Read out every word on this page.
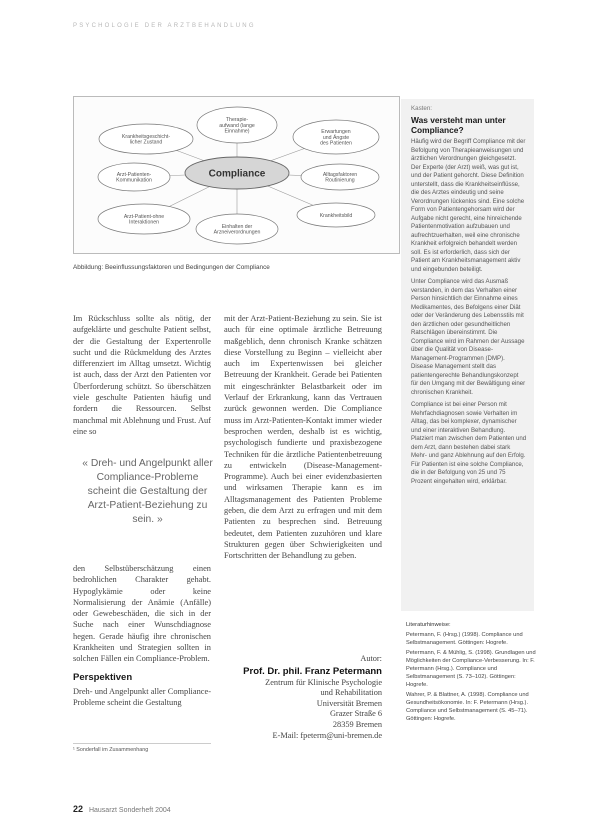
PSYCHOLOGIE DER ARZTBEHANDLUNG
Therapie-aufwand (lange Einnahme)
Krankheitsgeschicht-licher Zustand
Erwartungen und Ängste des Patienten
Arzt-Patienten-Kommunikation
Alltagsfaktoren Routinierung
Arzt-Patient-ohne Interaktionen
Krankheitsbild
Einhalten der Arzneiverordnungen
Compliance
Abbildung: Beeinflussungsfaktoren und Bedingungen der Compliance
Im Rückschluss sollte als nötig, der aufgeklärte und geschulte Patient selbst, der die Gestaltung der Expertenrolle sucht und die Rückmeldung des Arztes differenziert im Alltag umsetzt. Wichtig ist auch, dass der Arzt den Patienten vor Überforderung schützt. So überschätzen viele geschulte Patienten häufig und fordern die Ressourcen. Selbst manchmal mit Ablehnung und Frust. Auf eine so
« Dreh- und Angelpunkt aller Compliance-Probleme scheint die Gestaltung der Arzt-Patient-Beziehung zu sein. »
den Selbstüberschätzung einen bedrohlichen Charakter gehabt. Hypoglykämie oder keine Normalisierung der Anämie (Anfälle) oder Gewebeschäden, die sich in der Suche nach einer Wunschdiagnose hegen. Gerade häufig ihre chronischen Krankheiten und Strategien sollten in solchen Fällen ein Compliance-Problem.
Perspektiven
Dreh- und Angelpunkt aller Compliance-Probleme scheint die Gestaltung
¹ Sonderfall im Zusammenhang
mit der Arzt-Patient-Beziehung zu sein. Sie ist auch für eine optimale ärztliche Betreuung maßgeblich, denn chronisch Kranke schätzen diese Vorstellung zu Beginn – vielleicht aber auch im Expertenwissen bei gleicher Betreuung der Krankheit. Gerade bei Patienten mit eingeschränkter Belastbarkeit oder im Verlauf der Erkrankung, kann das Vertrauen zurück gewonnen werden. Die Compliance muss im Arzt-Patienten-Kontakt immer wieder besprochen werden, deshalb ist es wichtig, psychologisch fundierte und praxisbezogene Techniken für die ärztliche Patientenbetreuung zu entwickeln (Disease-Management-Programme). Auch bei einer evidenzbasierten und wirksamen Therapie kann es im Alltagsmanagement des Patienten Probleme geben, die dem Arzt zu erfragen und mit dem Patienten zu besprechen sind. Betreuung bedeutet, dem Patienten zuzuhören und klare Strukturen gegen über Schwierigkeiten und Fortschritten der Behandlung zu geben.
Autor:
Prof. Dr. phil. Franz Petermann
Zentrum für Klinische Psychologie
und Rehabilitation
Universität Bremen
Grazer Straße 6
28359 Bremen
E-Mail: fpeterm@uni-bremen.de
Kasten:
Was versteht man unter Compliance?

Häufig wird der Begriff Compliance mit der Befolgung von Therapieanweisungen und ärztlichen Verordnungen gleichgesetzt. Der Experte (der Arzt) weiß, was gut ist, und der Patient gehorcht. Diese Definition unterstellt, dass die Krankheitseinflüsse, die des Arztes eindeutig und seine Verordnungen lückenlos sind. Eine solche Form von Patientengehorsam wird der Aufgabe nicht gerecht, eine hinreichende Patientenmotivation aufzubauen und aufrechtzuerhalten, weil eine chronische Krankheit erfolgreich behandelt werden soll. Es ist erforderlich, dass sich der Patient am Krankheitsmanagement aktiv und eingebunden beteiligt.

Unter Compliance wird das Ausmaß verstanden, in dem das Verhalten einer Person hinsichtlich der Einnahme eines Medikamentes, des Befolgens einer Diät oder der Veränderung des Lebensstils mit den ärztlichen oder gesundheitlichen Ratschlägen übereinstimmt. Die Compliance wird im Rahmen der Aussage über die Qualität von Disease-Management-Programmen (DMP). Disease Management stellt das patientengerechte Behandlungskonzept für den Umgang mit der Bewältigung einer chronischen Krankheit.

Compliance ist bei einer Person mit Mehrfachdiagnosen sowie Verhalten im Alltag, das bei komplexer, dynamischer und einer interaktiven Behandlung. Platziert man zwischen dem Patienten und dem Arzt, dann bestehen dabei stark Mehr- und ganz Ablehnung auf den Erfolg. Für Patienten ist eine solche Compliance, die in der Befolgung von 25 und 75 Prozent eingehalten wird, erklärbar.

Literaturhinweise:

Petermann, F. (Hrsg.) (1998). Compliance und Selbstmanagement. Göttingen: Hogrefe.

Petermann, F. & Mühlig, S. (1998). Grundlagen und Möglichkeiten der Compliance-Verbesserung. In: F. Petermann (Hrsg.). Compliance und Selbstmanagement (S. 73–102). Göttingen: Hogrefe.

Wahrer, P. & Blattner, A. (1998). Compliance und Gesundheitsökonomie. In: F. Petermann (Hrsg.). Compliance und Selbstmanagement (S. 45–71). Göttingen: Hogrefe.

22 Hausarzt Sonderheft 2004
